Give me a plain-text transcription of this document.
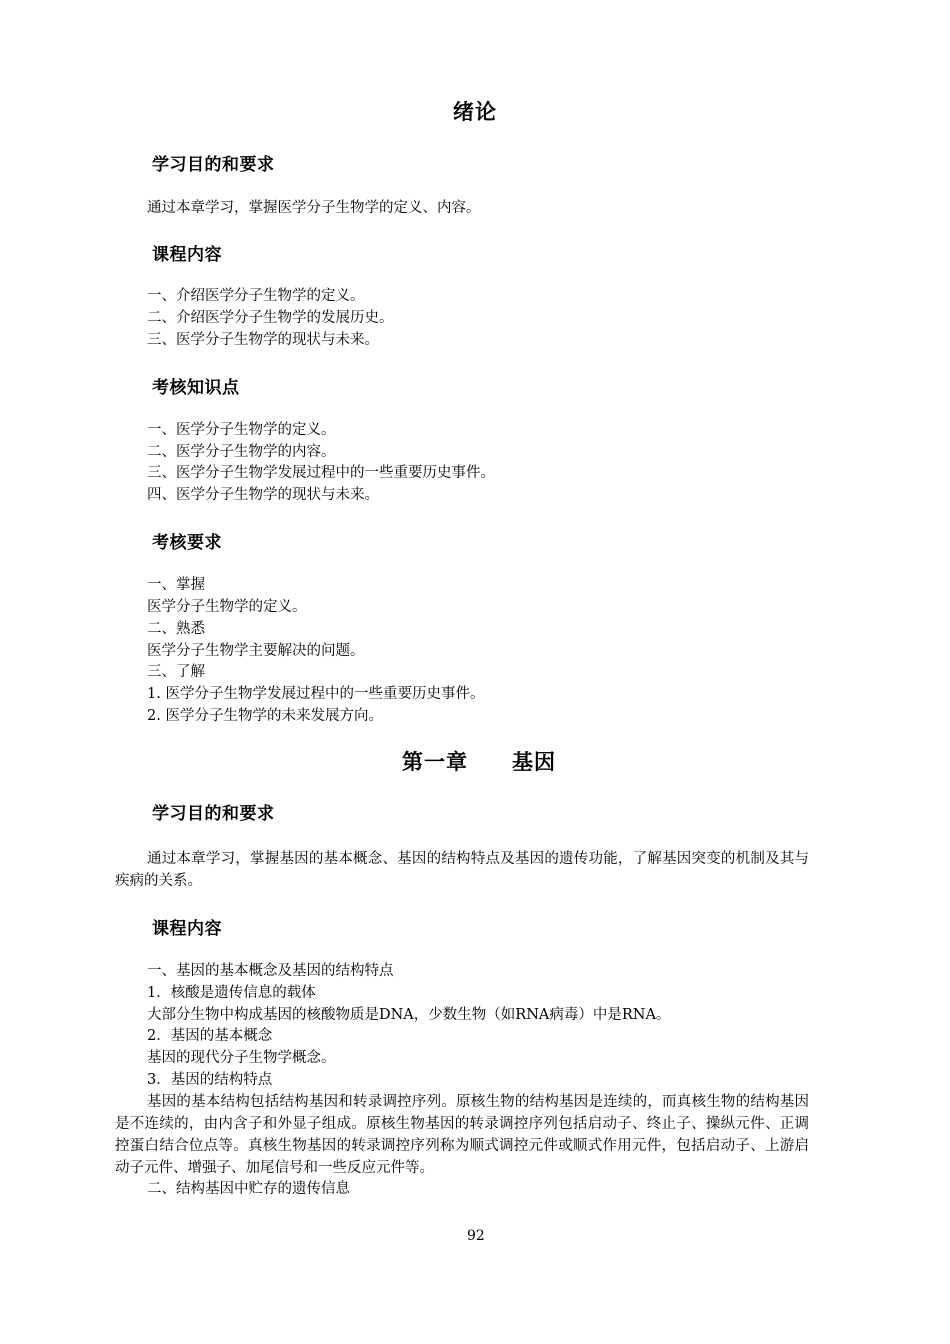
绪论
学习目的和要求
通过本章学习，掌握医学分子生物学的定义、内容。
课程内容
一、介绍医学分子生物学的定义。
二、介绍医学分子生物学的发展历史。
三、医学分子生物学的现状与未来。
考核知识点
一、医学分子生物学的定义。
二、医学分子生物学的内容。
三、医学分子生物学发展过程中的一些重要历史事件。
四、医学分子生物学的现状与未来。
考核要求
一、掌握
医学分子生物学的定义。
二、熟悉
医学分子生物学主要解决的问题。
三、了解
1. 医学分子生物学发展过程中的一些重要历史事件。
2. 医学分子生物学的未来发展方向。
第一章　　基因
学习目的和要求
通过本章学习，掌握基因的基本概念、基因的结构特点及基因的遗传功能，了解基因突变的机制及其与疾病的关系。
课程内容
一、基因的基本概念及基因的结构特点
1．核酸是遗传信息的载体
大部分生物中构成基因的核酸物质是DNA，少数生物（如RNA病毒）中是RNA。
2．基因的基本概念
基因的现代分子生物学概念。
3．基因的结构特点
基因的基本结构包括结构基因和转录调控序列。原核生物的结构基因是连续的，而真核生物的结构基因是不连续的，由内含子和外显子组成。原核生物基因的转录调控序列包括启动子、终止子、操纵元件、正调控蛋白结合位点等。真核生物基因的转录调控序列称为顺式调控元件或顺式作用元件，包括启动子、上游启动子元件、增强子、加尾信号和一些反应元件等。
二、结构基因中贮存的遗传信息
92
